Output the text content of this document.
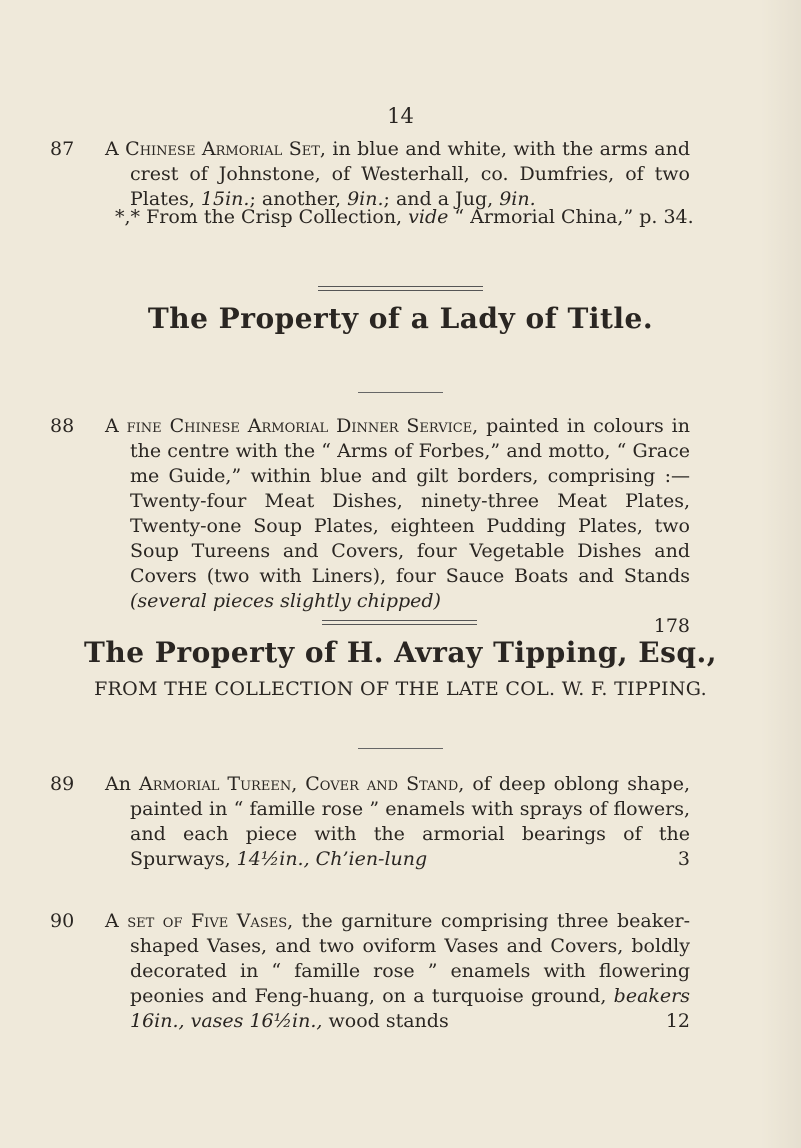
14
87 A Chinese Armorial Set, in blue and white, with the arms and crest of Johnstone, of Westerhall, co. Dumfries, of two Plates, 15in.; another, 9in.; and a Jug, 9in.

*,* From the Crisp Collection, vide “ Armorial China,” p. 34.
The Property of a Lady of Title.
88 A fine Chinese Armorial Dinner Service, painted in colours in the centre with the “ Arms of Forbes,” and motto, “ Grace me Guide,” within blue and gilt borders, comprising :— Twenty-four Meat Dishes, ninety-three Meat Plates, Twenty-one Soup Plates, eighteen Pudding Plates, two Soup Tureens and Covers, four Vegetable Dishes and Covers (two with Liners), four Sauce Boats and Stands (several pieces slightly chipped)
178

The Property of H. Avray Tipping, Esq.,
FROM THE COLLECTION OF THE LATE COL. W. F. TIPPING.
89 An Armorial Tureen, Cover and Stand, of deep oblong shape, painted in “ famille rose ” enamels with sprays of flowers, and each piece with the armorial bearings of the Spurways, 14½in., Ch’ien-lung	3

90 A set of Five Vases, the garniture comprising three beaker-shaped Vases, and two oviform Vases and Covers, boldly decorated in “ famille rose ” enamels with flowering peonies and Feng-huang, on a turquoise ground, beakers 16in., vases 16½in., wood stands	12
